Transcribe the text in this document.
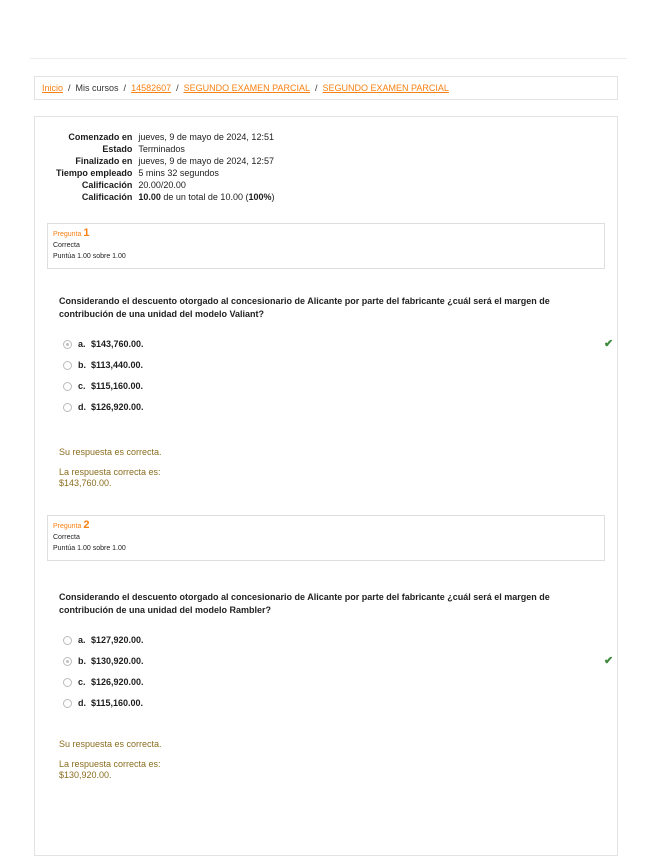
Inicio / Mis cursos / 14582607 / SEGUNDO EXAMEN PARCIAL / SEGUNDO EXAMEN PARCIAL
Comenzado en	jueves, 9 de mayo de 2024, 12:51
Estado	Terminados
Finalizado en	jueves, 9 de mayo de 2024, 12:57
Tiempo empleado	5 mins 32 segundos
Calificación	20.00/20.00
Calificación	10.00 de un total de 10.00 (100%)
Pregunta 1
Correcta
Puntúa 1.00 sobre 1.00
Considerando el descuento otorgado al concesionario de Alicante por parte del fabricante ¿cuál será el margen de contribución de una unidad del modelo Valiant?
a. $143,760.00.	✔
b. $113,440.00.
c. $115,160.00.
d. $126,920.00.
Su respuesta es correcta.
La respuesta correcta es:
$143,760.00.
Pregunta 2
Correcta
Puntúa 1.00 sobre 1.00
Considerando el descuento otorgado al concesionario de Alicante por parte del fabricante ¿cuál será el margen de contribución de una unidad del modelo Rambler?
a. $127,920.00.
b. $130,920.00.	✔
c. $126,920.00.
d. $115,160.00.
Su respuesta es correcta.
La respuesta correcta es:
$130,920.00.
